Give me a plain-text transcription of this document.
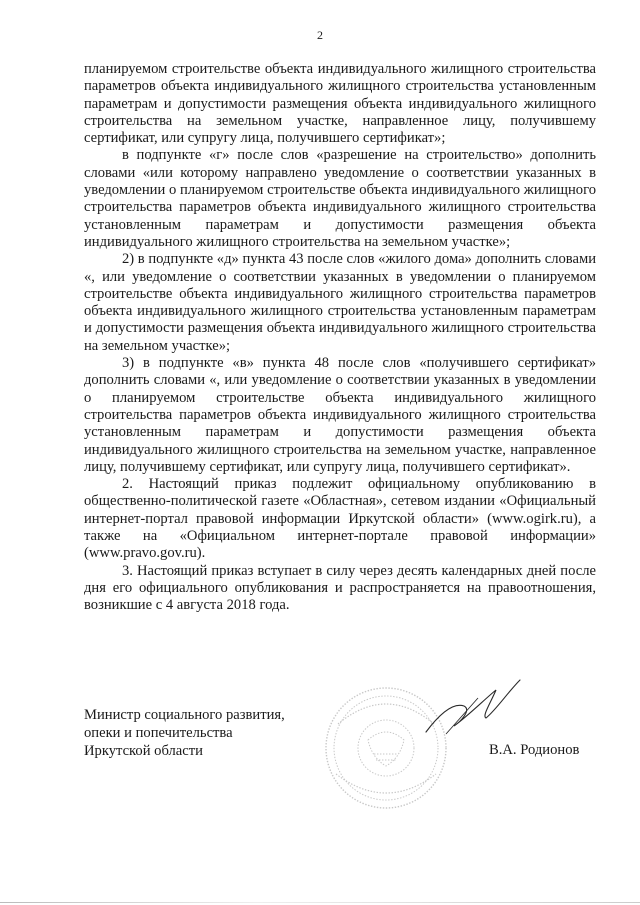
2

планируемом строительстве объекта индивидуального жилищного строительства параметров объекта индивидуального жилищного строительства установленным параметрам и допустимости размещения объекта индивидуального жилищного строительства на земельном участке, направленное лицу, получившему сертификат, или супругу лица, получившего сертификат»;

в подпункте «г» после слов «разрешение на строительство» дополнить словами «или которому направлено уведомление о соответствии указанных в уведомлении о планируемом строительстве объекта индивидуального жилищного строительства параметров объекта индивидуального жилищного строительства установленным параметрам и допустимости размещения объекта индивидуального жилищного строительства на земельном участке»;

2) в подпункте «д» пункта 43 после слов «жилого дома» дополнить словами «, или уведомление о соответствии указанных в уведомлении о планируемом строительстве объекта индивидуального жилищного строительства параметров объекта индивидуального жилищного строительства установленным параметрам и допустимости размещения объекта индивидуального жилищного строительства на земельном участке»;

3) в подпункте «в» пункта 48 после слов «получившего сертификат» дополнить словами «, или уведомление о соответствии указанных в уведомлении о планируемом строительстве объекта индивидуального жилищного строительства параметров объекта индивидуального жилищного строительства установленным параметрам и допустимости размещения объекта индивидуального жилищного строительства на земельном участке, направленное лицу, получившему сертификат, или супругу лица, получившего сертификат».

2. Настоящий приказ подлежит официальному опубликованию в общественно-политической газете «Областная», сетевом издании «Официальный интернет-портал правовой информации Иркутской области» (www.ogirk.ru), а также на «Официальном интернет-портале правовой информации» (www.pravo.gov.ru).

3. Настоящий приказ вступает в силу через десять календарных дней после дня его официального опубликования и распространяется на правоотношения, возникшие с 4 августа 2018 года.

Министр социального развития,
опеки и попечительства
Иркутской области	В.А. Родионов
